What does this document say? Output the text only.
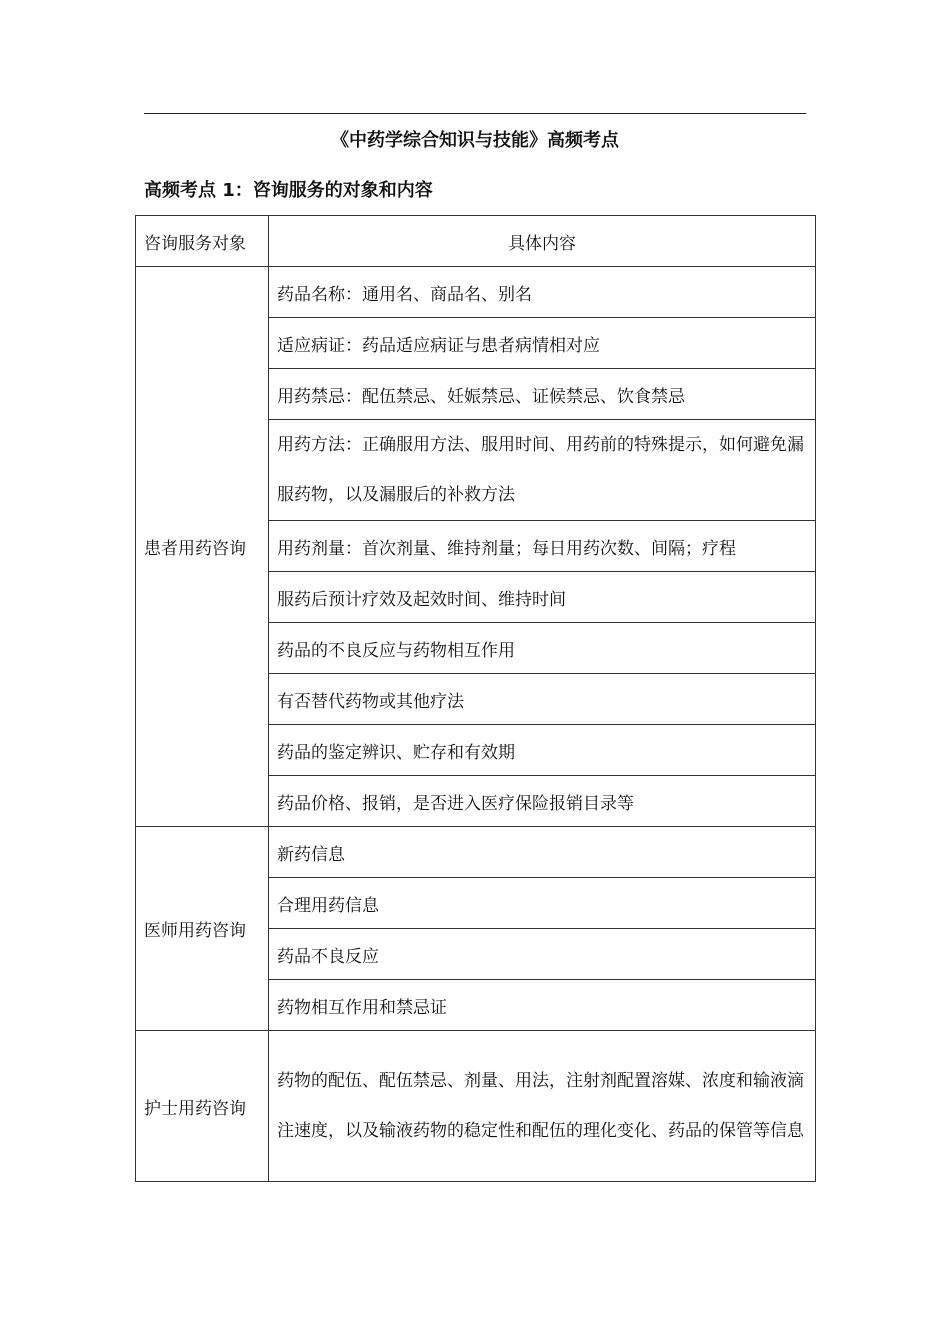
《中药学综合知识与技能》高频考点
高频考点 1：咨询服务的对象和内容
咨询服务对象	具体内容
患者用药咨询	药品名称：通用名、商品名、别名
	适应病证：药品适应病证与患者病情相对应
	用药禁忌：配伍禁忌、妊娠禁忌、证候禁忌、饮食禁忌
	用药方法：正确服用方法、服用时间、用药前的特殊提示，如何避免漏服药物，以及漏服后的补救方法
	用药剂量：首次剂量、维持剂量；每日用药次数、间隔；疗程
	服药后预计疗效及起效时间、维持时间
	药品的不良反应与药物相互作用
	有否替代药物或其他疗法
	药品的鉴定辨识、贮存和有效期
	药品价格、报销，是否进入医疗保险报销目录等
医师用药咨询	新药信息
	合理用药信息
	药品不良反应
	药物相互作用和禁忌证
护士用药咨询	药物的配伍、配伍禁忌、剂量、用法，注射剂配置溶媒、浓度和输液滴注速度，以及输液药物的稳定性和配伍的理化变化、药品的保管等信息
